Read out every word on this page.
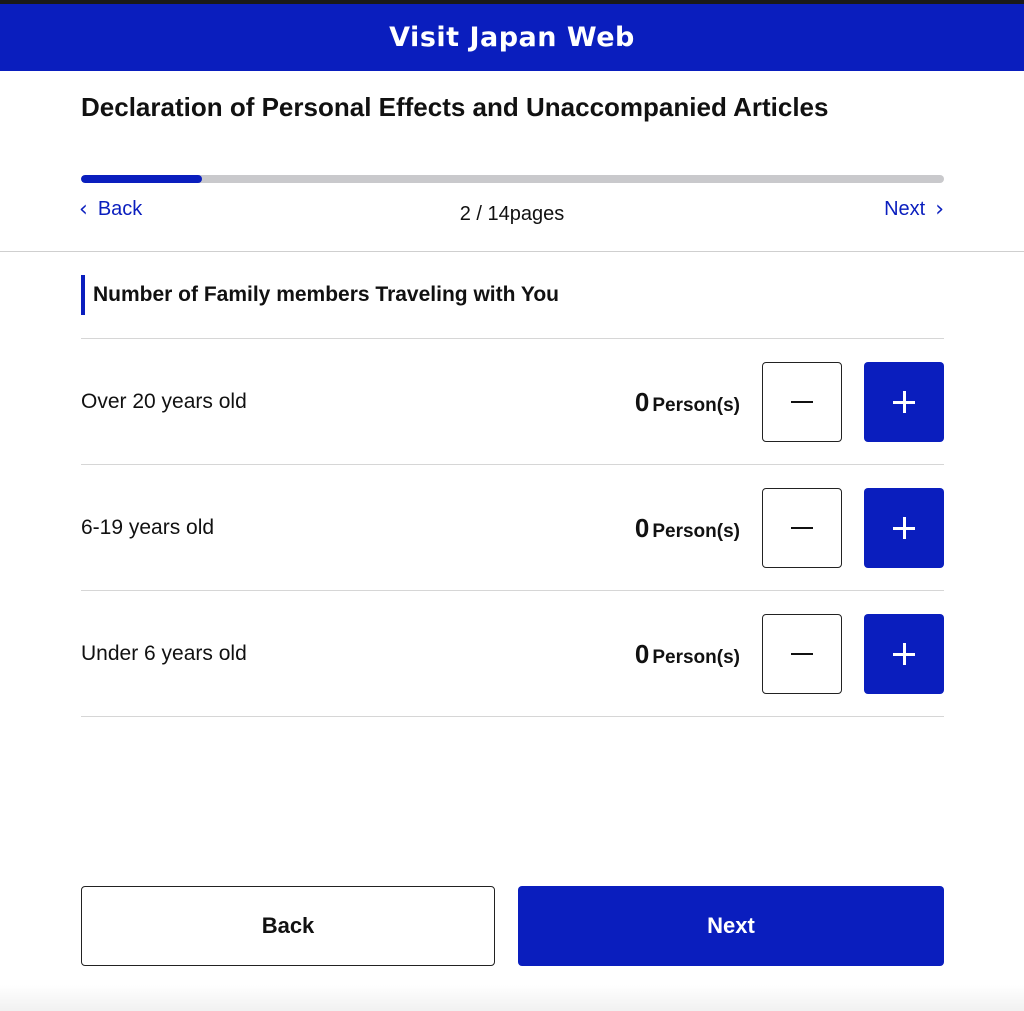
Visit Japan Web
Declaration of Personal Effects and Unaccompanied Articles
‹ Back	2 / 14pages	Next ›
Number of Family members Traveling with You
Over 20 years old	0 Person(s)
6-19 years old	0 Person(s)
Under 6 years old	0 Person(s)
Back	Next
